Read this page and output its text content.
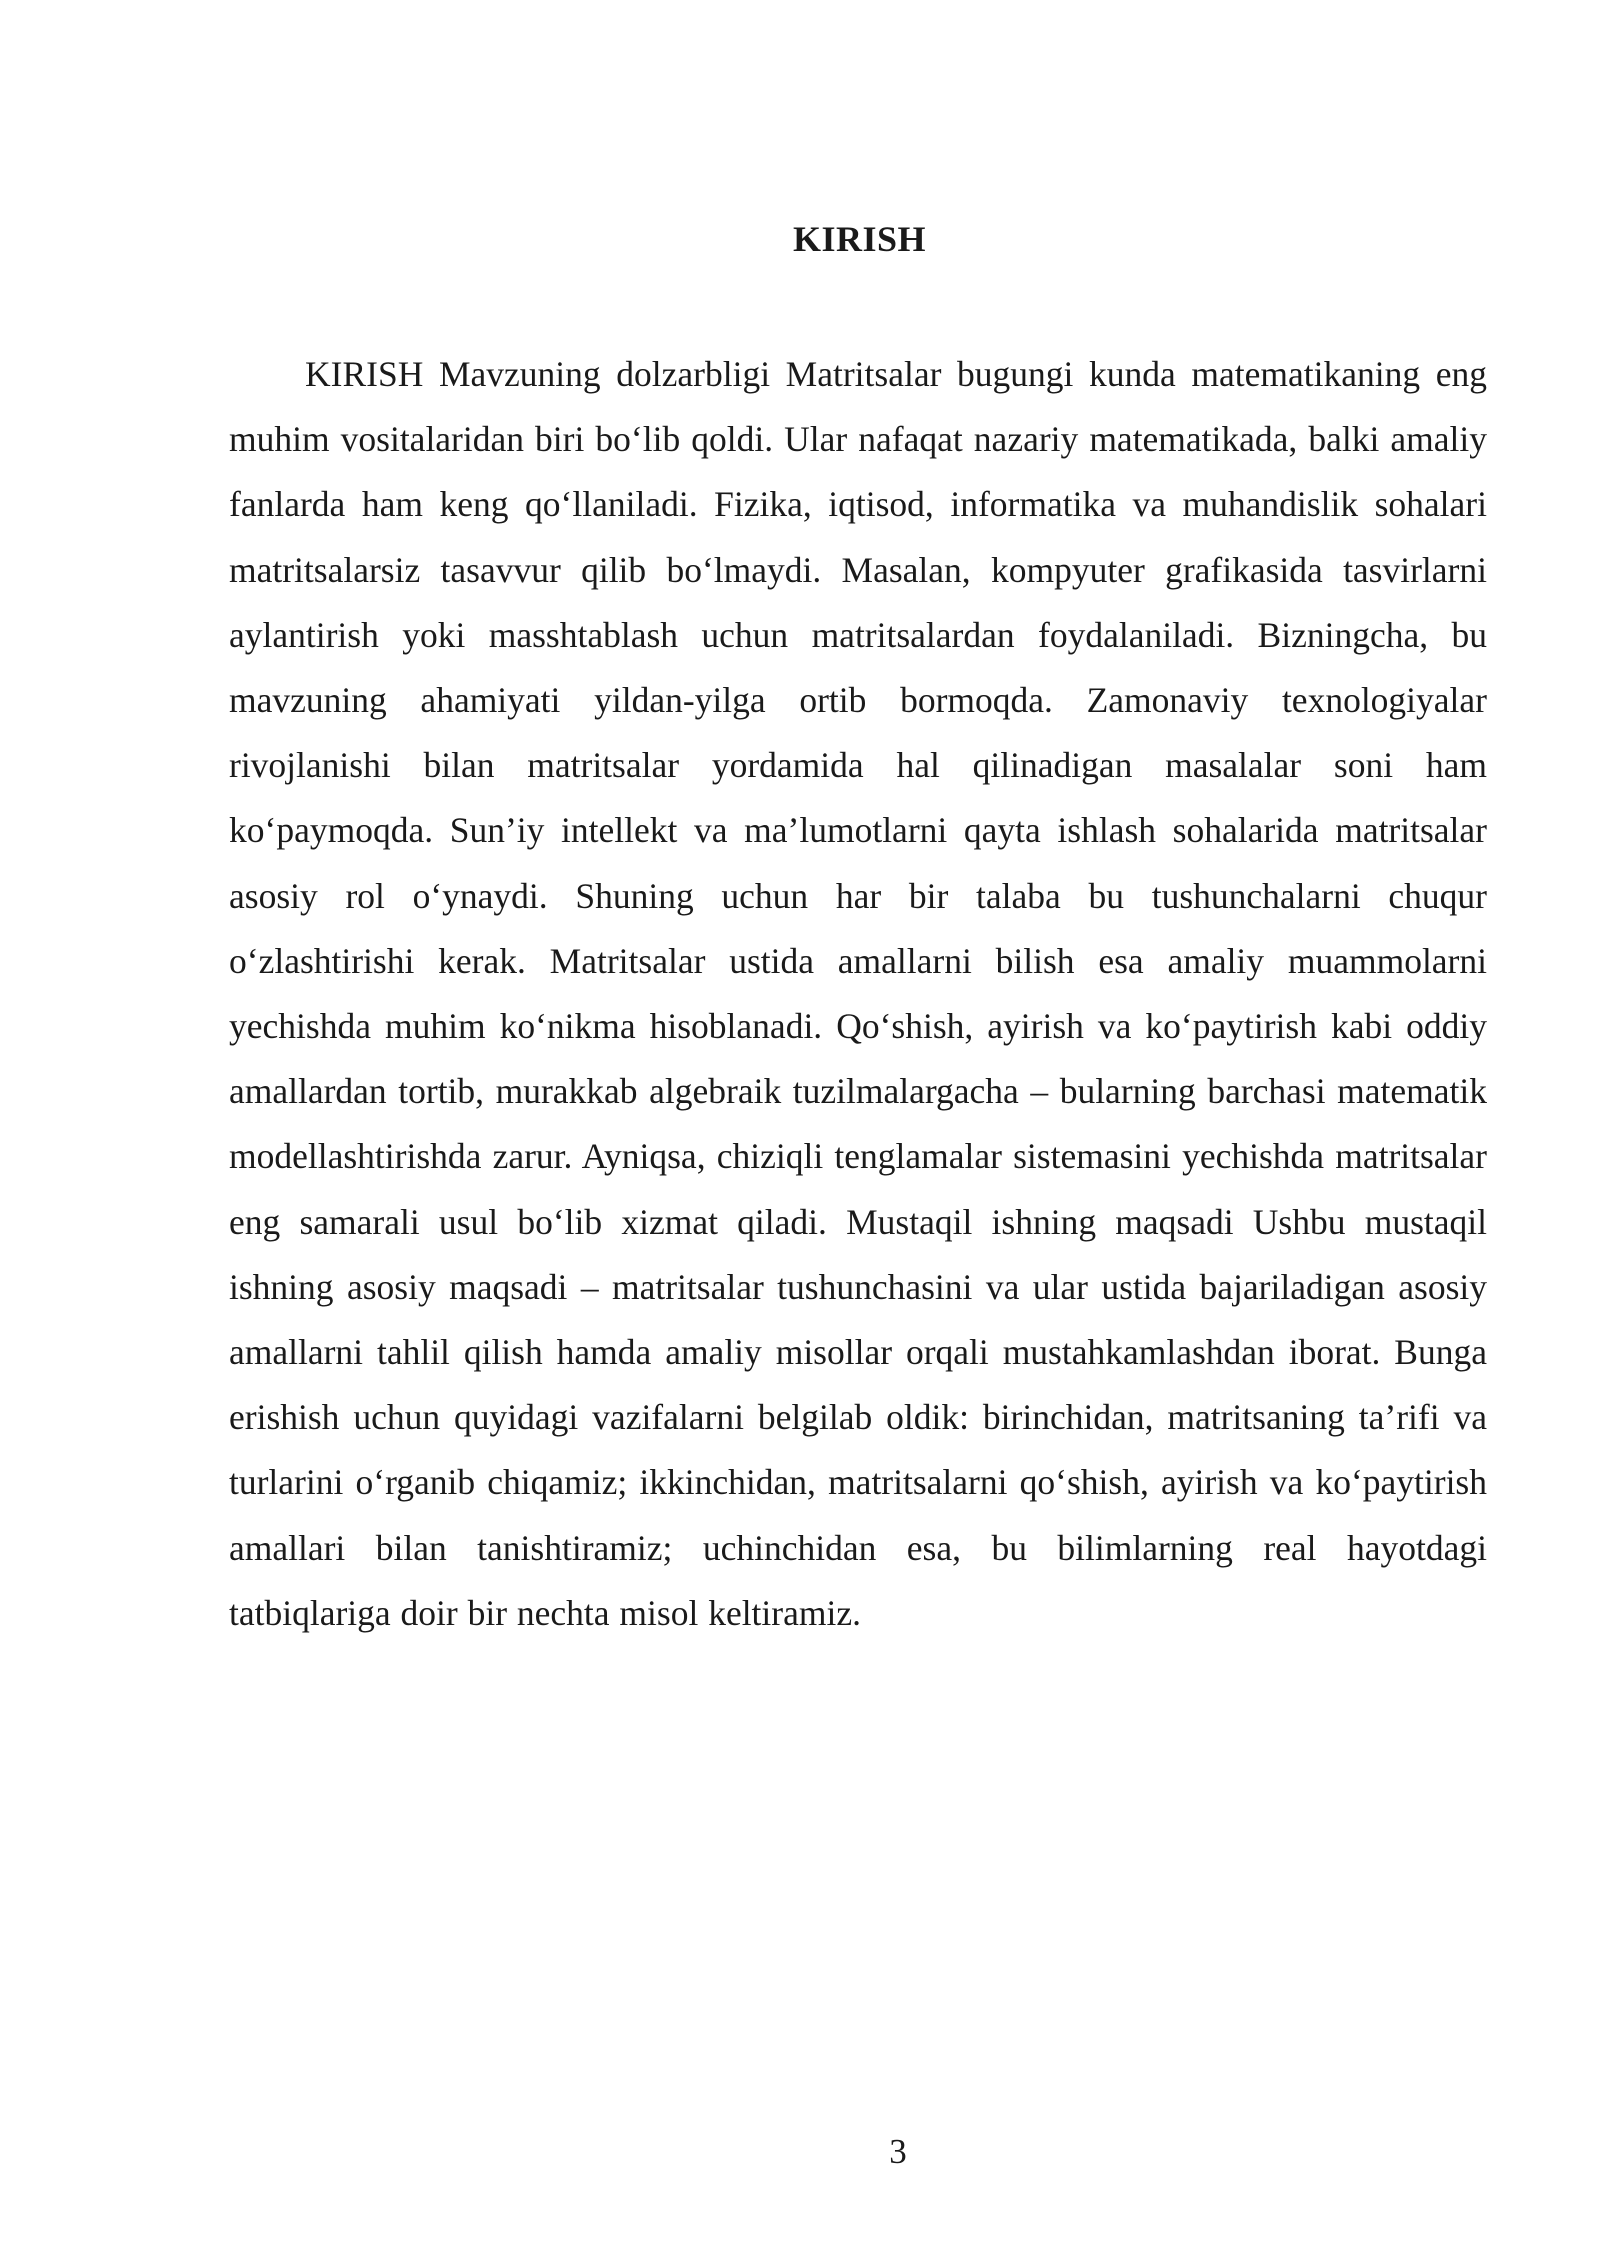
KIRISH

KIRISH Mavzuning dolzarbligi Matritsalar bugungi kunda matematikaning eng muhim vositalaridan biri bo‘lib qoldi. Ular nafaqat nazariy matematikada, balki amaliy fanlarda ham keng qo‘llaniladi. Fizika, iqtisod, informatika va muhandislik sohalari matritsalarsiz tasavvur qilib bo‘lmaydi. Masalan, kompyuter grafikasida tasvirlarni aylantirish yoki masshtablash uchun matritsalardan foydalaniladi. Bizningcha, bu mavzuning ahamiyati yildan-yilga ortib bormoqda. Zamonaviy texnologiyalar rivojlanishi bilan matritsalar yordamida hal qilinadigan masalalar soni ham ko‘paymoqda. Sun’iy intellekt va ma’lumotlarni qayta ishlash sohalarida matritsalar asosiy rol o‘ynaydi. Shuning uchun har bir talaba bu tushunchalarni chuqur o‘zlashtirishi kerak. Matritsalar ustida amallarni bilish esa amaliy muammolarni yechishda muhim ko‘nikma hisoblanadi. Qo‘shish, ayirish va ko‘paytirish kabi oddiy amallardan tortib, murakkab algebraik tuzilmalargacha – bularning barchasi matematik modellashtirishda zarur. Ayniqsa, chiziqli tenglamalar sistemasini yechishda matritsalar eng samarali usul bo‘lib xizmat qiladi. Mustaqil ishning maqsadi Ushbu mustaqil ishning asosiy maqsadi – matritsalar tushunchasini va ular ustida bajariladigan asosiy amallarni tahlil qilish hamda amaliy misollar orqali mustahkamlashdan iborat. Bunga erishish uchun quyidagi vazifalarni belgilab oldik: birinchidan, matritsaning ta’rifi va turlarini o‘rganib chiqamiz; ikkinchidan, matritsalarni qo‘shish, ayirish va ko‘paytirish amallari bilan tanishtiramiz; uchinchidan esa, bu bilimlarning real hayotdagi tatbiqlariga doir bir nechta misol keltiramiz.

3
